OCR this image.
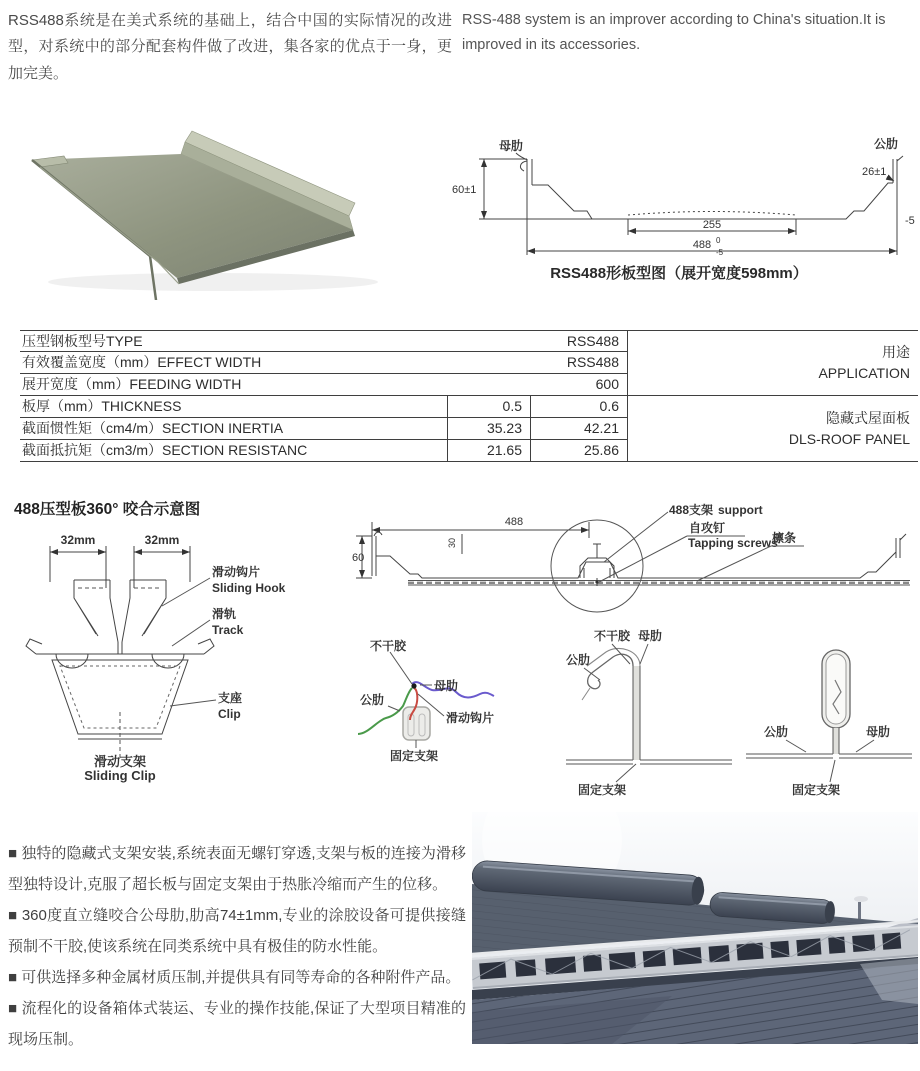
RSS488系统是在美式系统的基础上，结合中国的实际情况的改进型，对系统中的部分配套构件做了改进，集各家的优点于一身，更加完美。
RSS-488 system is an improver according to China's situation.It is improved in its accessories.
60±1
255
488 0
-5
母肋	公肋
26±1
-5
RSS488形板型图（展开宽度598mm）
压型钢板型号TYPE	RSS488
用途
APPLICATION
有效覆盖宽度（mm）EFFECT WIDTH	RSS488
展开宽度（mm）FEEDING WIDTH	600
板厚（mm）THICKNESS	0.5	0.6
隐藏式屋面板
DLS-ROOF PANEL
截面惯性矩（cm4/m）SECTION INERTIA	35.23	42.21
截面抵抗矩（cm3/m）SECTION RESISTANC	21.65	25.86
488压型板360° 咬合示意图
32mm	32mm
滑动钩片
Sliding Hook
滑轨
Track
支座
Clip
滑动支架
Sliding Clip
488
60
30
488支架 support
自攻钉
Tapping screws
檩条
不干胶
母肋
公肋
滑动钩片
固定支架
不干胶 母肋
公肋
固定支架
公肋	母肋
固定支架

■ 独特的隐藏式支架安装,系统表面无螺钉穿透,支架与板的连接为滑移型独特设计,克服了超长板与固定支架由于热胀冷缩而产生的位移。

■ 360度直立缝咬合公母肋,肋高74±1mm,专业的涂胶设备可提供接缝预制不干胶,使该系统在同类系统中具有极佳的防水性能。

■ 可供选择多种金属材质压制,并提供具有同等寿命的各种附件产品。

■ 流程化的设备箱体式装运、专业的操作技能,保证了大型项目精准的现场压制。
